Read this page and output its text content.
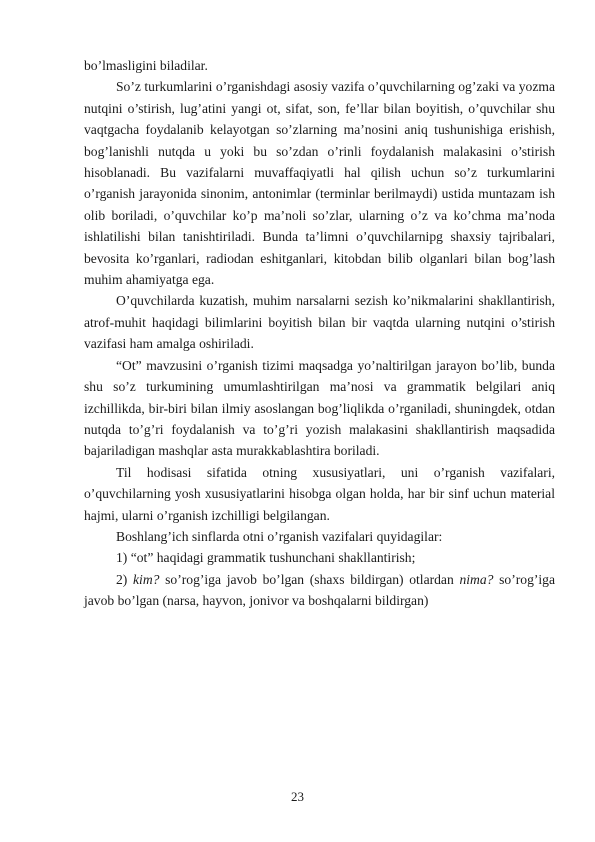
bo’lmasligini biladilar.

So’z turkumlarini o’rganishdagi asosiy vazifa o’quvchilarning og’zaki va yozma nutqini o’stirish, lug’atini yangi ot, sifat, son, fe’llar bilan boyitish, o’quvchilar shu vaqtgacha foydalanib kelayotgan so’zlarning ma’nosini aniq tushunishiga erishish, bog’lanishli nutqda u yoki bu so’zdan o’rinli foydalanish malakasini o’stirish hisoblanadi. Bu vazifalarni muvaffaqiyatli hal qilish uchun so’z turkumlarini o’rganish jarayonida sinonim, antonimlar (terminlar berilmaydi) ustida muntazam ish olib boriladi, o’quvchilar ko’p ma’noli so’zlar, ularning o’z va ko’chma ma’noda ishlatilishi bilan tanishtiriladi. Bunda ta’limni o’quvchilarnipg shaxsiy tajribalari, bevosita ko’rganlari, radiodan eshitganlari, kitobdan bilib olganlari bilan bog’lash muhim ahamiyatga ega.

O’quvchilarda kuzatish, muhim narsalarni sezish ko’nikmalarini shakllantirish, atrof-muhit haqidagi bilimlarini boyitish bilan bir vaqtda ularning nutqini o’stirish vazifasi ham amalga oshiriladi.

“Ot” mavzusini o’rganish tizimi maqsadga yo’naltirilgan jarayon bo’lib, bunda shu so’z turkumining umumlashtirilgan ma’nosi va grammatik belgilari aniq izchillikda, bir-biri bilan ilmiy asoslangan bog’liqlikda o’rganiladi, shuningdek, otdan nutqda to’g’ri foydalanish va to’g’ri yozish malakasini shakllantirish maqsadida bajariladigan mashqlar asta murakkablashtira boriladi.

Til hodisasi sifatida otning xususiyatlari, uni o’rganish vazifalari, o’quvchilarning yosh xususiyatlarini hisobga olgan holda, har bir sinf uchun material hajmi, ularni o’rganish izchilligi belgilangan.

Boshlang’ich sinflarda otni o’rganish vazifalari quyidagilar:

1) “ot” haqidagi grammatik tushunchani shakllantirish;

2) kim? so’rog’iga javob bo’lgan (shaxs bildirgan) otlardan nima? so’rog’iga javob bo’lgan (narsa, hayvon, jonivor va boshqalarni bildirgan)

23
